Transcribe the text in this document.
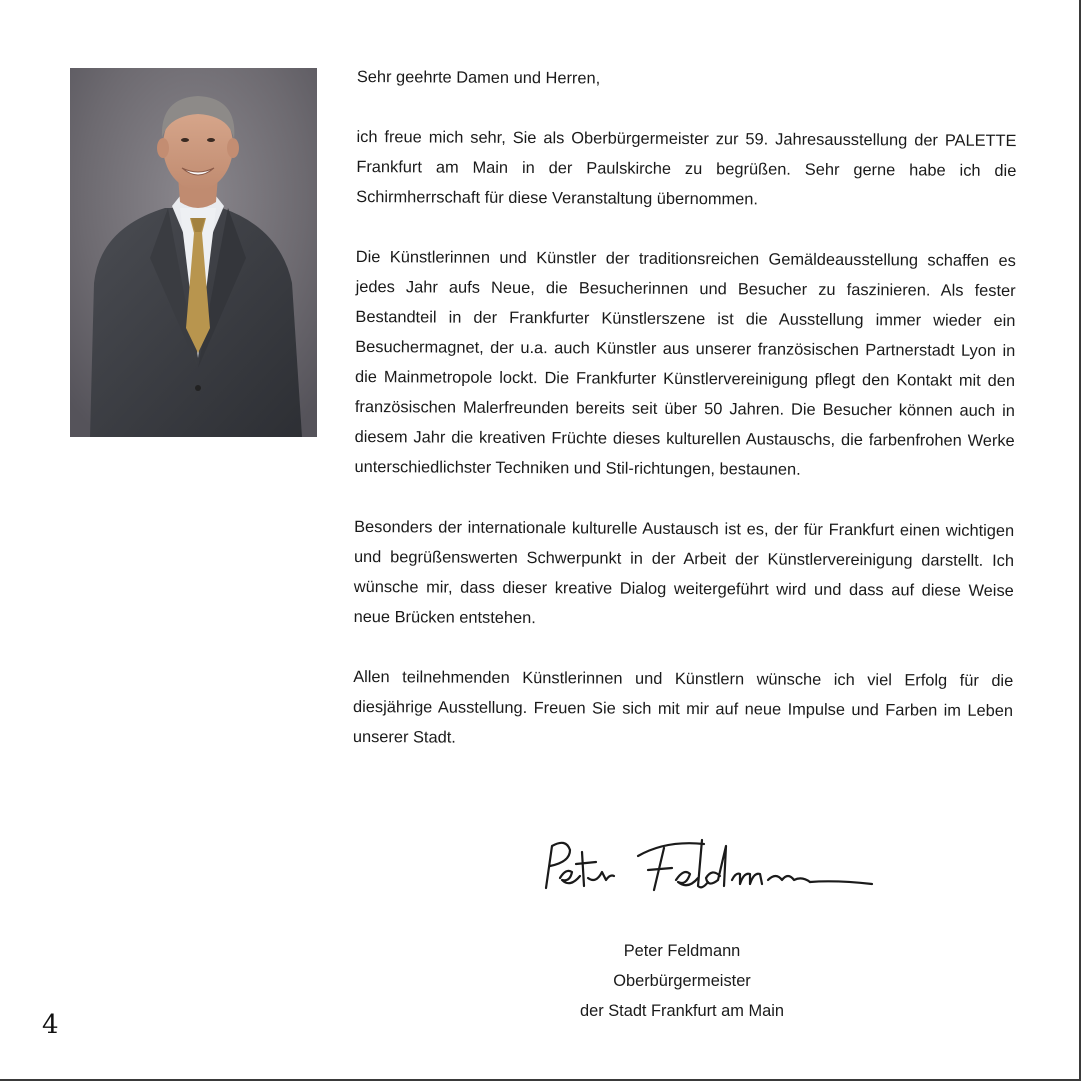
Sehr geehrte Damen und Herren,

ich freue mich sehr, Sie als Oberbürgermeister zur 59. Jahresausstellung der PALETTE Frankfurt am Main in der Paulskirche zu begrüßen. Sehr gerne habe ich die Schirmherrschaft für diese Veranstaltung übernommen.

Die Künstlerinnen und Künstler der traditionsreichen Gemäldeausstellung schaffen es jedes Jahr aufs Neue, die Besucherinnen und Besucher zu faszinieren. Als fester Bestandteil in der Frankfurter Künstlerszene ist die Ausstellung immer wieder ein Besuchermagnet, der u.a. auch Künstler aus unserer französischen Partnerstadt Lyon in die Mainmetropole lockt. Die Frankfurter Künstlervereinigung pflegt den Kontakt mit den französischen Malerfreunden bereits seit über 50 Jahren. Die Besucher können auch in diesem Jahr die kreativen Früchte dieses kulturellen Austauschs, die farbenfrohen Werke unterschiedlichster Techniken und Stil-richtungen, bestaunen.

Besonders der internationale kulturelle Austausch ist es, der für Frankfurt einen wichtigen und begrüßenswerten Schwerpunkt in der Arbeit der Künstlervereinigung darstellt. Ich wünsche mir, dass dieser kreative Dialog weitergeführt wird und dass auf diese Weise neue Brücken entstehen.

Allen teilnehmenden Künstlerinnen und Künstlern wünsche ich viel Erfolg für die diesjährige Ausstellung. Freuen Sie sich mit mir auf neue Impulse und Farben im Leben unserer Stadt.

Peter Feldmann
Oberbürgermeister
der Stadt Frankfurt am Main
4
